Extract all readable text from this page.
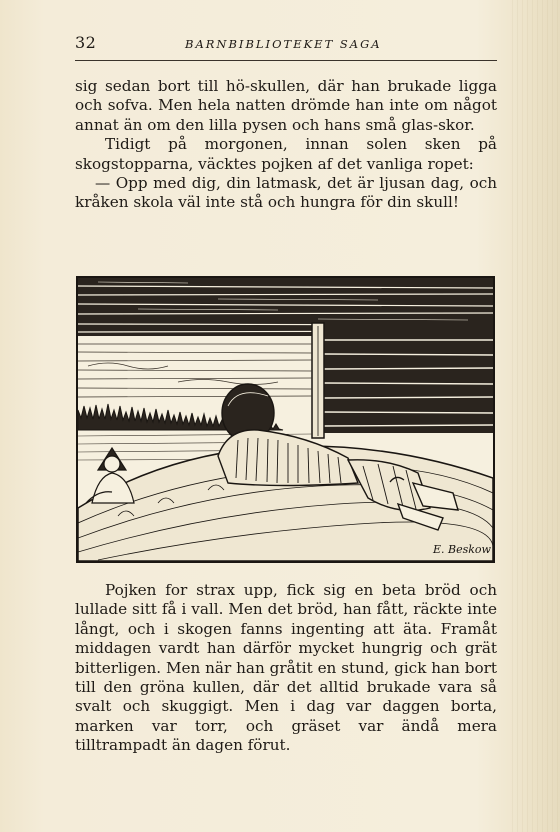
32	BARNBIBLIOTEKET SAGA

sig sedan bort till hö-skullen, där han brukade ligga och sofva. Men hela natten drömde han inte om något annat än om den lilla pysen och hans små glas-skor.

Tidigt på morgonen, innan solen sken på skogstopparna, väcktes pojken af det vanliga ropet:

— Opp med dig, din latmask, det är ljusan dag, och kråken skola väl inte stå och hungra för din skull!

E. Beskow

Pojken for strax upp, fick sig en beta bröd och lullade sitt få i vall. Men det bröd, han fått, räckte inte långt, och i skogen fanns ingenting att äta. Framåt middagen vardt han därför mycket hungrig och grät bitterligen. Men när han gråtit en stund, gick han bort till den gröna kullen, där det alltid brukade vara så svalt och skuggigt. Men i dag var daggen borta, marken var torr, och gräset var ändå mera tilltrampadt än dagen förut.
